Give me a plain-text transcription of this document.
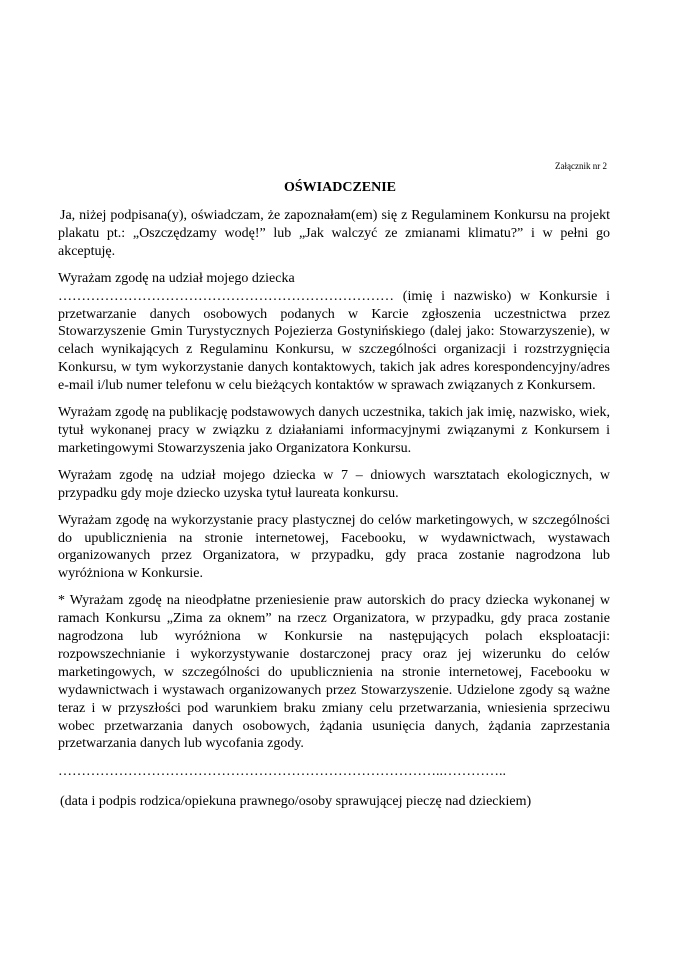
Załącznik nr 2
OŚWIADCZENIE

Ja, niżej podpisana(y), oświadczam, że zapoznałam(em) się z Regulaminem Konkursu na projekt plakatu pt.: „Oszczędzamy wodę!” lub „Jak walczyć ze zmianami klimatu?” i w pełni go akceptuję.

Wyrażam zgodę na udział mojego dziecka

……………………………………………………………… (imię i nazwisko) w Konkursie i przetwarzanie danych osobowych podanych w Karcie zgłoszenia uczestnictwa przez Stowarzyszenie Gmin Turystycznych Pojezierza Gostynińskiego (dalej jako: Stowarzyszenie), w celach wynikających z Regulaminu Konkursu, w szczególności organizacji i rozstrzygnięcia Konkursu, w tym wykorzystanie danych kontaktowych, takich jak adres korespondencyjny/adres e-mail i/lub numer telefonu w celu bieżących kontaktów w sprawach związanych z Konkursem.

Wyrażam zgodę na publikację podstawowych danych uczestnika, takich jak imię, nazwisko, wiek, tytuł wykonanej pracy w związku z działaniami informacyjnymi związanymi z Konkursem i marketingowymi Stowarzyszenia jako Organizatora Konkursu.

Wyrażam zgodę na udział mojego dziecka w 7 – dniowych warsztatach ekologicznych, w przypadku gdy moje dziecko uzyska tytuł laureata konkursu.

Wyrażam zgodę na wykorzystanie pracy plastycznej do celów marketingowych, w szczególności do upublicznienia na stronie internetowej, Facebooku, w wydawnictwach, wystawach organizowanych przez Organizatora, w przypadku, gdy praca zostanie nagrodzona lub wyróżniona w Konkursie.

* Wyrażam zgodę na nieodpłatne przeniesienie praw autorskich do pracy dziecka wykonanej w ramach Konkursu „Zima za oknem” na rzecz Organizatora, w przypadku, gdy praca zostanie nagrodzona lub wyróżniona w Konkursie na następujących polach eksploatacji: rozpowszechnianie i wykorzystywanie dostarczonej pracy oraz jej wizerunku do celów marketingowych, w szczególności do upublicznienia na stronie internetowej, Facebooku w wydawnictwach i wystawach organizowanych przez Stowarzyszenie. Udzielone zgody są ważne teraz i w przyszłości pod warunkiem braku zmiany celu przetwarzania, wniesienia sprzeciwu wobec przetwarzania danych osobowych, żądania usunięcia danych, żądania zaprzestania przetwarzania danych lub wycofania zgody.

………………………………………………………………………..…………..

(data i podpis rodzica/opiekuna prawnego/osoby sprawującej pieczę nad dzieckiem)
